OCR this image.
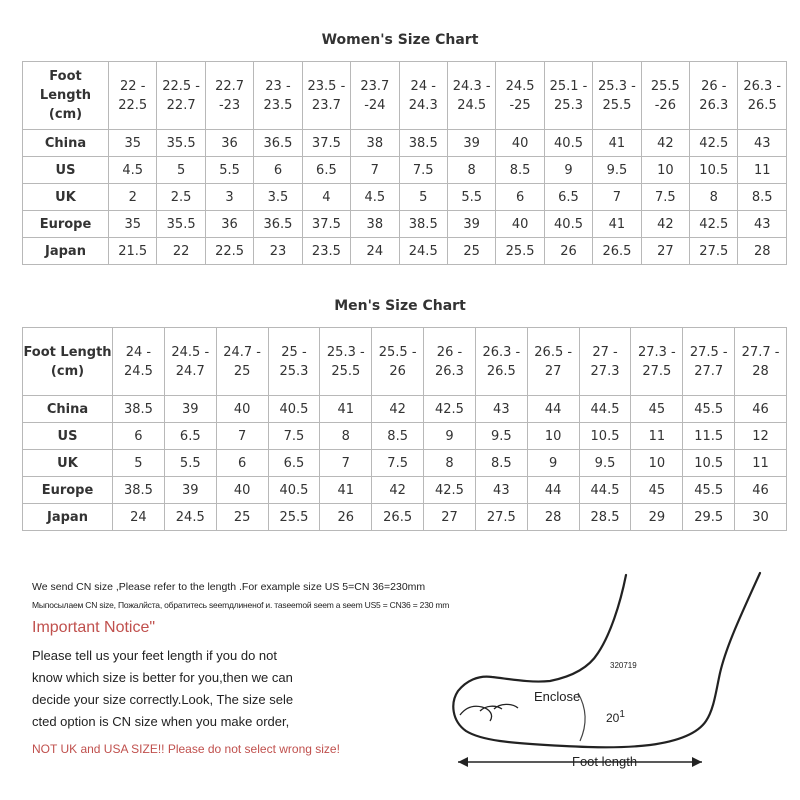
Women's Size Chart
Foot Length (cm)	22 - 22.5	22.5 - 22.7	22.7 -23	23 - 23.5	23.5 - 23.7	23.7 -24	24 - 24.3	24.3 - 24.5	24.5 -25	25.1 - 25.3	25.3 - 25.5	25.5 -26	26 - 26.3	26.3 - 26.5
China	35	35.5	36	36.5	37.5	38	38.5	39	40	40.5	41	42	42.5	43
US	4.5	5	5.5	6	6.5	7	7.5	8	8.5	9	9.5	10	10.5	11
UK	2	2.5	3	3.5	4	4.5	5	5.5	6	6.5	7	7.5	8	8.5
Europe	35	35.5	36	36.5	37.5	38	38.5	39	40	40.5	41	42	42.5	43
Japan	21.5	22	22.5	23	23.5	24	24.5	25	25.5	26	26.5	27	27.5	28
Men's Size Chart
Foot Length (cm)	24 - 24.5	24.5 - 24.7	24.7 - 25	25 - 25.3	25.3 - 25.5	25.5 - 26	26 - 26.3	26.3 - 26.5	26.5 - 27	27 - 27.3	27.3 - 27.5	27.5 - 27.7	27.7 - 28
China	38.5	39	40	40.5	41	42	42.5	43	44	44.5	45	45.5	46
US	6	6.5	7	7.5	8	8.5	9	9.5	10	10.5	11	11.5	12
UK	5	5.5	6	6.5	7	7.5	8	8.5	9	9.5	10	10.5	11
Europe	38.5	39	40	40.5	41	42	42.5	43	44	44.5	45	45.5	46
Japan	24	24.5	25	25.5	26	26.5	27	27.5	28	28.5	29	29.5	30
We send CN size ,Please refer to the length .For example size US 5=CN 36=230mm
Мыпосылаем CN size, Пожалйста, обратитесь seemдлиненоf и. таseemой seem а seem US5 = CN36 = 230 mm
Important Notice"
Please tell us your feet length if you do not
know which size is better for you,then we can
decide your size correctly.Look, The size sele
cted option is CN size when you make order,
NOT UK and USA SIZE!! Please do not select wrong size!
320719
Enclose
$20^1$
Foot length
